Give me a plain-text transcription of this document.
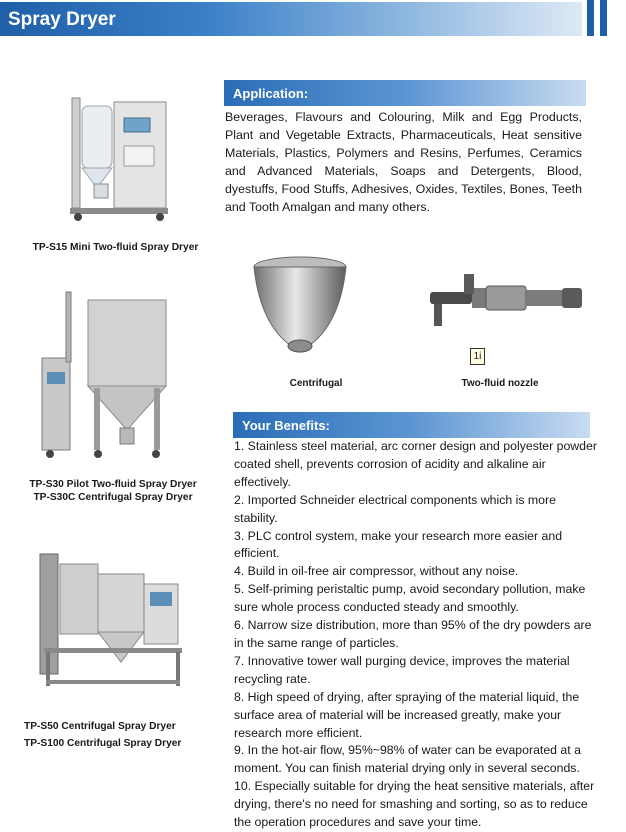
Spray Dryer
Application:
Beverages, Flavours and Colouring, Milk and Egg Products, Plant and Vegetable Extracts, Pharmaceuticals, Heat sensitive Materials, Plastics, Polymers and Resins, Perfumes, Ceramics and Advanced Materials, Soaps and Detergents, Blood, dyestuffs, Food Stuffs, Adhesives, Oxides, Textiles, Bones, Teeth and Tooth Amalgan and many others.
TP-S15 Mini Two-fluid Spray Dryer
TP-S30 Pilot Two-fluid Spray Dryer
TP-S30C Centrifugal Spray Dryer
TP-S50 Centrifugal Spray Dryer
TP-S100 Centrifugal Spray Dryer
Centrifugal
1i
Two-fluid nozzle
Your Benefits:
1. Stainless steel material, arc corner design and polyester powder coated shell, prevents corrosion of acidity and alkaline air effectively.
2. Imported Schneider electrical components which is more stability.
3. PLC control system, make your research more easier and efficient.
4. Build in oil-free air compressor, without any noise.
5. Self-priming peristaltic pump, avoid secondary pollution, make sure whole process conducted steady and smoothly.
6. Narrow size distribution, more than 95% of the dry powders are in the same range of particles.
7. Innovative tower wall purging device, improves the material recycling rate.
8. High speed of drying, after spraying of the material liquid, the surface area of material will be increased greatly, make your research more efficient.
9. In the hot-air flow, 95%~98% of water can be evaporated at a moment. You can finish material drying only in several seconds.
10. Especially suitable for drying the heat sensitive materials, after drying, there's no need for smashing and sorting, so as to reduce the operation procedures and save your time.
